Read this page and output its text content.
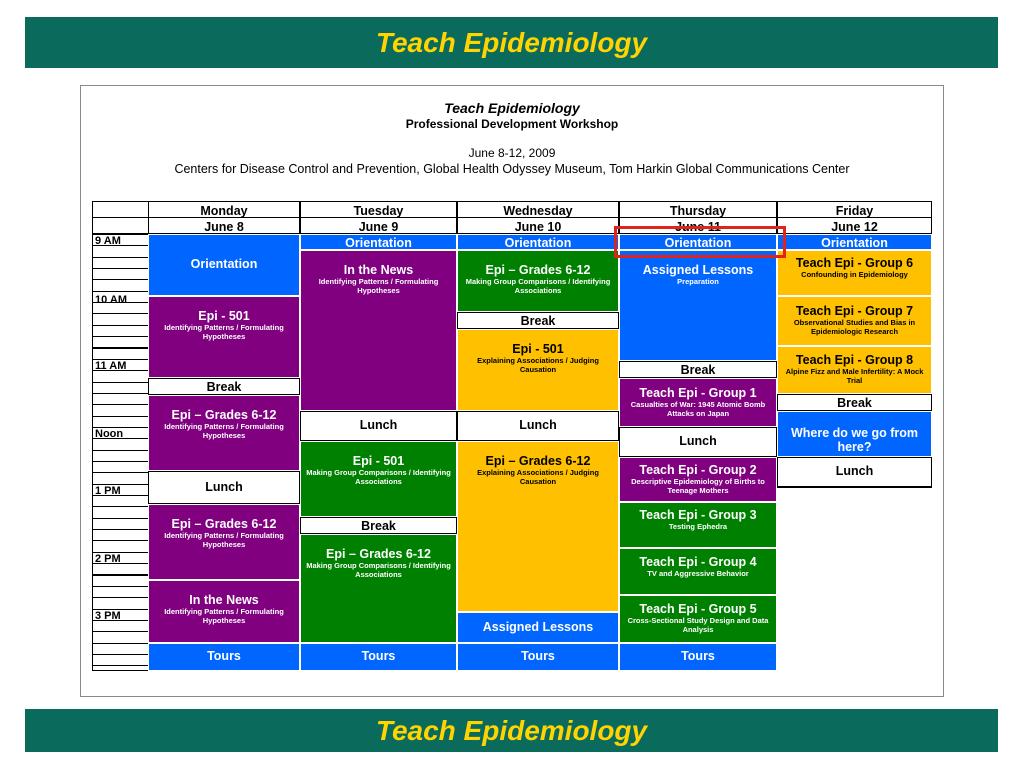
Teach Epidemiology
Teach Epidemiology
Professional Development Workshop
June 8-12, 2009
Centers for Disease Control and Prevention, Global Health Odyssey Museum, Tom Harkin Global Communications Center
Monday
June 8
Tuesday
June 9
Wednesday
June 10
Thursday
June 11
Friday
June 12
9 AM
10 AM
11 AM
Noon
1 PM
2 PM
3 PM
Orientation
Epi - 501
Identifying Patterns / Formulating Hypotheses
Break
Epi – Grades 6-12
Identifying Patterns / Formulating Hypotheses
Lunch
Epi – Grades 6-12
Identifying Patterns / Formulating Hypotheses
In the News
Identifying Patterns / Formulating Hypotheses
Tours
Orientation
In the News
Identifying Patterns / Formulating Hypotheses
Lunch
Epi - 501
Making Group Comparisons / Identifying Associations
Break
Epi – Grades 6-12
Making Group Comparisons / Identifying Associations
Tours
Orientation
Epi – Grades 6-12
Making Group Comparisons / Identifying Associations
Break
Epi - 501
Explaining Associations / Judging Causation
Lunch
Epi – Grades 6-12
Explaining Associations / Judging Causation
Assigned Lessons
Tours
Orientation
Assigned Lessons
Preparation
Break
Teach Epi - Group 1
Casualties of War: 1945 Atomic Bomb Attacks on Japan
Lunch
Teach Epi - Group 2
Descriptive Epidemiology of Births to Teenage Mothers
Teach Epi - Group 3
Testing Ephedra
Teach Epi - Group 4
TV and Aggressive Behavior
Teach Epi - Group 5
Cross-Sectional Study Design and Data Analysis
Tours
Orientation
Teach Epi - Group 6
Confounding in Epidemiology
Teach Epi - Group 7
Observational Studies and Bias in Epidemiologic Research
Teach Epi - Group 8
Alpine Fizz and Male Infertility: A Mock Trial
Break
Where do we go from here?
Lunch
Teach Epidemiology
